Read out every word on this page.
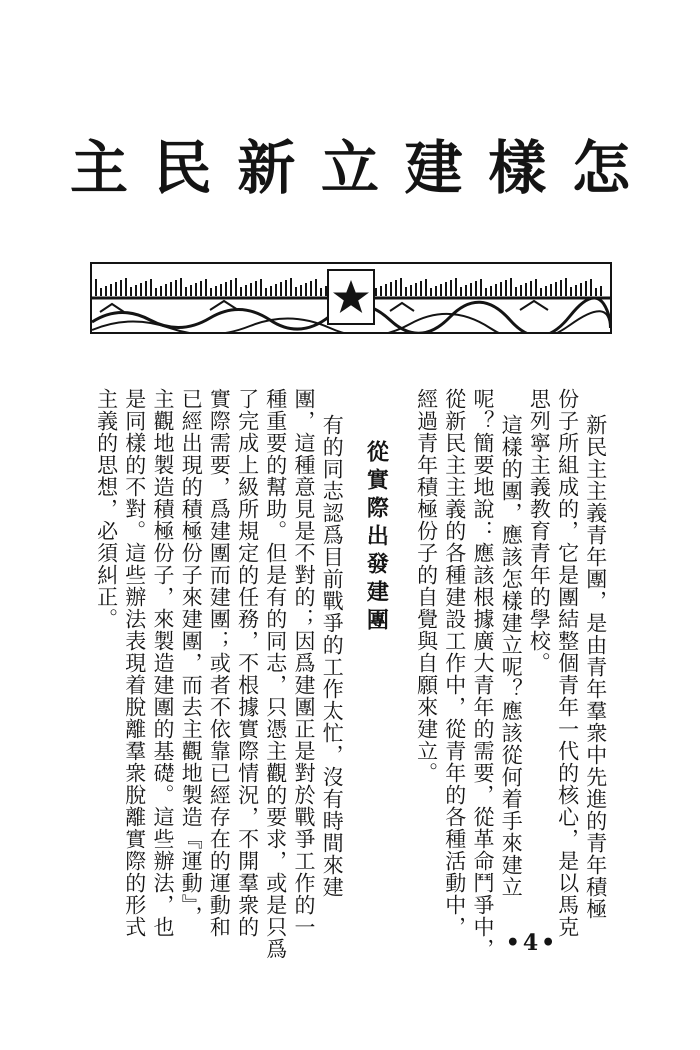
怎
樣
建
立
新
民
主
新民主主義青年團，是由青年羣衆中先進的青年積極
份子所組成的，它是團結整個青年一代的核心，是以馬克
思列寧主義教育青年的學校。
這樣的團，應該怎樣建立呢？應該從何着手來建立
呢？簡要地說：應該根據廣大青年的需要，從革命鬥爭中，
從新民主主義的各種建設工作中，從青年的各種活動中，
經過青年積極份子的自覺與自願來建立。
從實際出發建團
有的同志認爲目前戰爭的工作太忙，沒有時間來建
團，這種意見是不對的；因爲建團正是對於戰爭工作的一
種重要的幫助。但是有的同志，只憑主觀的要求，或是只爲
了完成上級所規定的任務，不根據實際情況，不開羣衆的
實際需要，爲建團而建團；或者不依靠已經存在的運動和
已經出現的積極份子來建團，而去主觀地製造『運動』，
主觀地製造積極份子，來製造建團的基礎。這些辦法，也
是同樣的不對。這些辦法表現着脫離羣衆脫離實際的形式
主義的思想，必須糾正。
•4•
